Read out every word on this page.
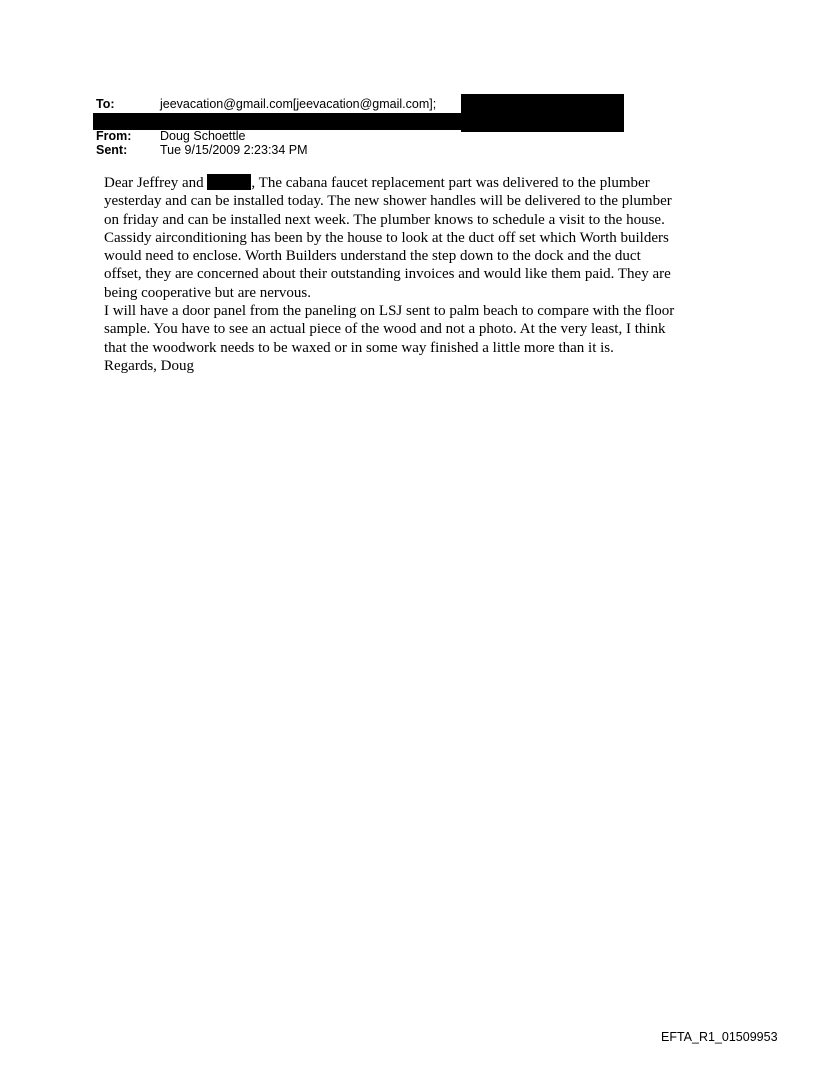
To:	jeevacation@gmail.com[jeevacation@gmail.com];
From: Doug Schoettle
Sent:	Tue 9/15/2009 2:23:34 PM

Dear Jeffrey and	, The cabana faucet replacement part was delivered to the plumber

yesterday and can be installed today. The new shower handles will be delivered to the plumber

on friday and can be installed next week. The plumber knows to schedule a visit to the house.

Cassidy airconditioning has been by the house to look at the duct off set which Worth builders

would need to enclose. Worth Builders understand the step down to the dock and the duct

offset, they are concerned about their outstanding invoices and would like them paid. They are

being cooperative but are nervous.

I will have a door panel from the paneling on LSJ sent to palm beach to compare with the floor

sample. You have to see an actual piece of the wood and not a photo. At the very least, I think

that the woodwork needs to be waxed or in some way finished a little more than it is.

Regards, Doug

EFTA_R1_01509953
